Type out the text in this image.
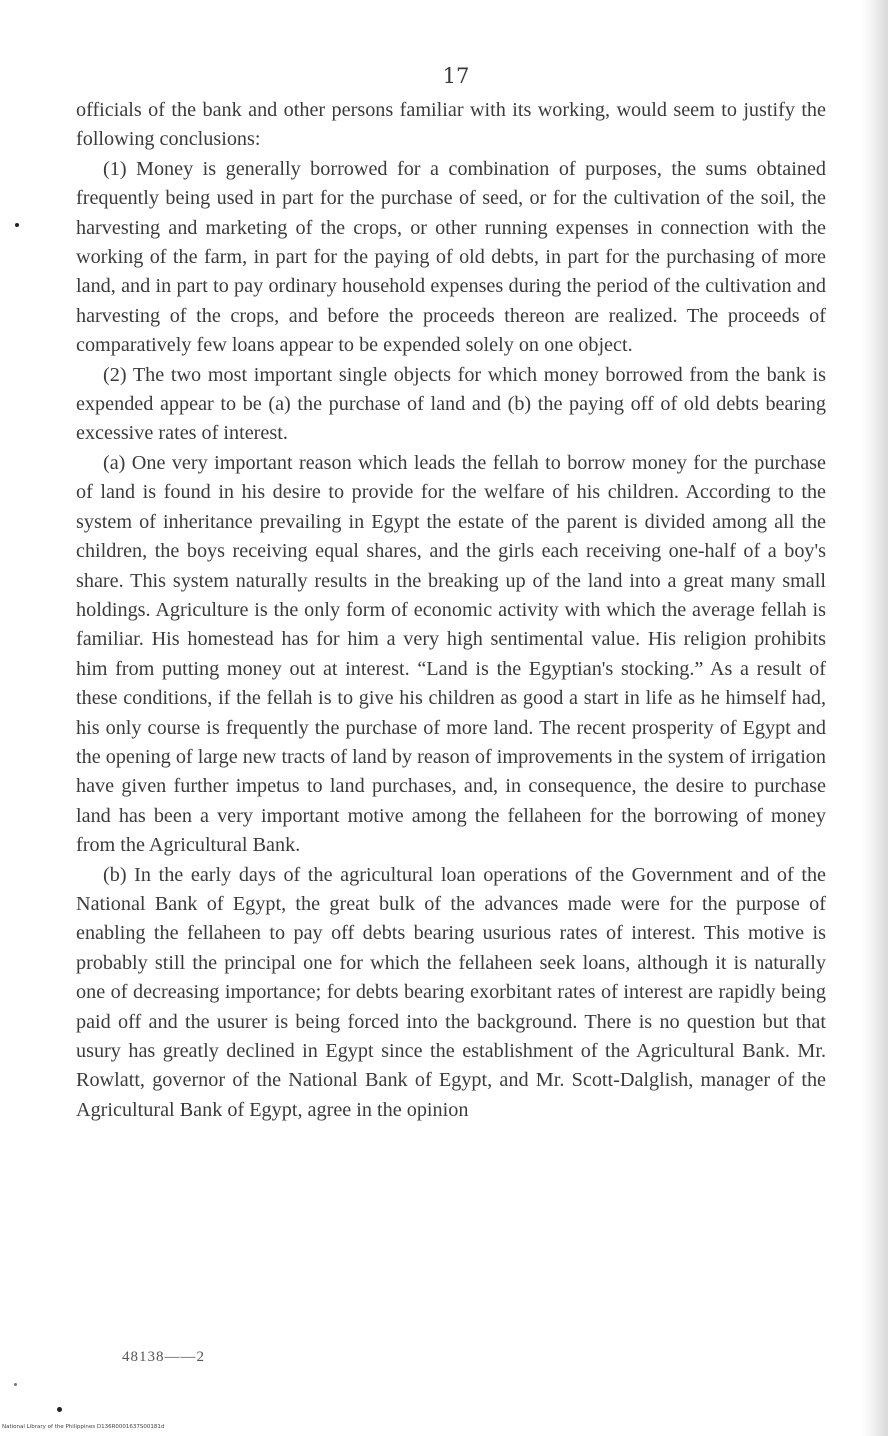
17

officials of the bank and other persons familiar with its working, would seem to justify the following conclusions:

(1) Money is generally borrowed for a combination of purposes, the sums obtained frequently being used in part for the purchase of seed, or for the cultivation of the soil, the harvesting and marketing of the crops, or other running expenses in connection with the working of the farm, in part for the paying of old debts, in part for the purchasing of more land, and in part to pay ordinary household expenses during the period of the cultivation and harvesting of the crops, and before the proceeds thereon are realized. The proceeds of comparatively few loans appear to be expended solely on one object.

(2) The two most important single objects for which money borrowed from the bank is expended appear to be (a) the purchase of land and (b) the paying off of old debts bearing excessive rates of interest.

(a) One very important reason which leads the fellah to borrow money for the purchase of land is found in his desire to provide for the welfare of his children. According to the system of inheritance prevailing in Egypt the estate of the parent is divided among all the children, the boys receiving equal shares, and the girls each receiving one-half of a boy's share. This system naturally results in the breaking up of the land into a great many small holdings. Agriculture is the only form of economic activity with which the average fellah is familiar. His homestead has for him a very high sentimental value. His religion prohibits him from putting money out at interest. “Land is the Egyptian's stocking.” As a result of these conditions, if the fellah is to give his children as good a start in life as he himself had, his only course is frequently the purchase of more land. The recent prosperity of Egypt and the opening of large new tracts of land by reason of improvements in the system of irrigation have given further impetus to land purchases, and, in consequence, the desire to purchase land has been a very important motive among the fellaheen for the borrowing of money from the Agricultural Bank.

(b) In the early days of the agricultural loan operations of the Government and of the National Bank of Egypt, the great bulk of the advances made were for the purpose of enabling the fellaheen to pay off debts bearing usurious rates of interest. This motive is probably still the principal one for which the fellaheen seek loans, although it is naturally one of decreasing importance; for debts bearing exorbitant rates of interest are rapidly being paid off and the usurer is being forced into the background. There is no question but that usury has greatly declined in Egypt since the establishment of the Agricultural Bank. Mr. Rowlatt, governor of the National Bank of Egypt, and Mr. Scott-Dalglish, manager of the Agricultural Bank of Egypt, agree in the opinion

48138——2
National Library of the Philippines D136R0001637S00181d
